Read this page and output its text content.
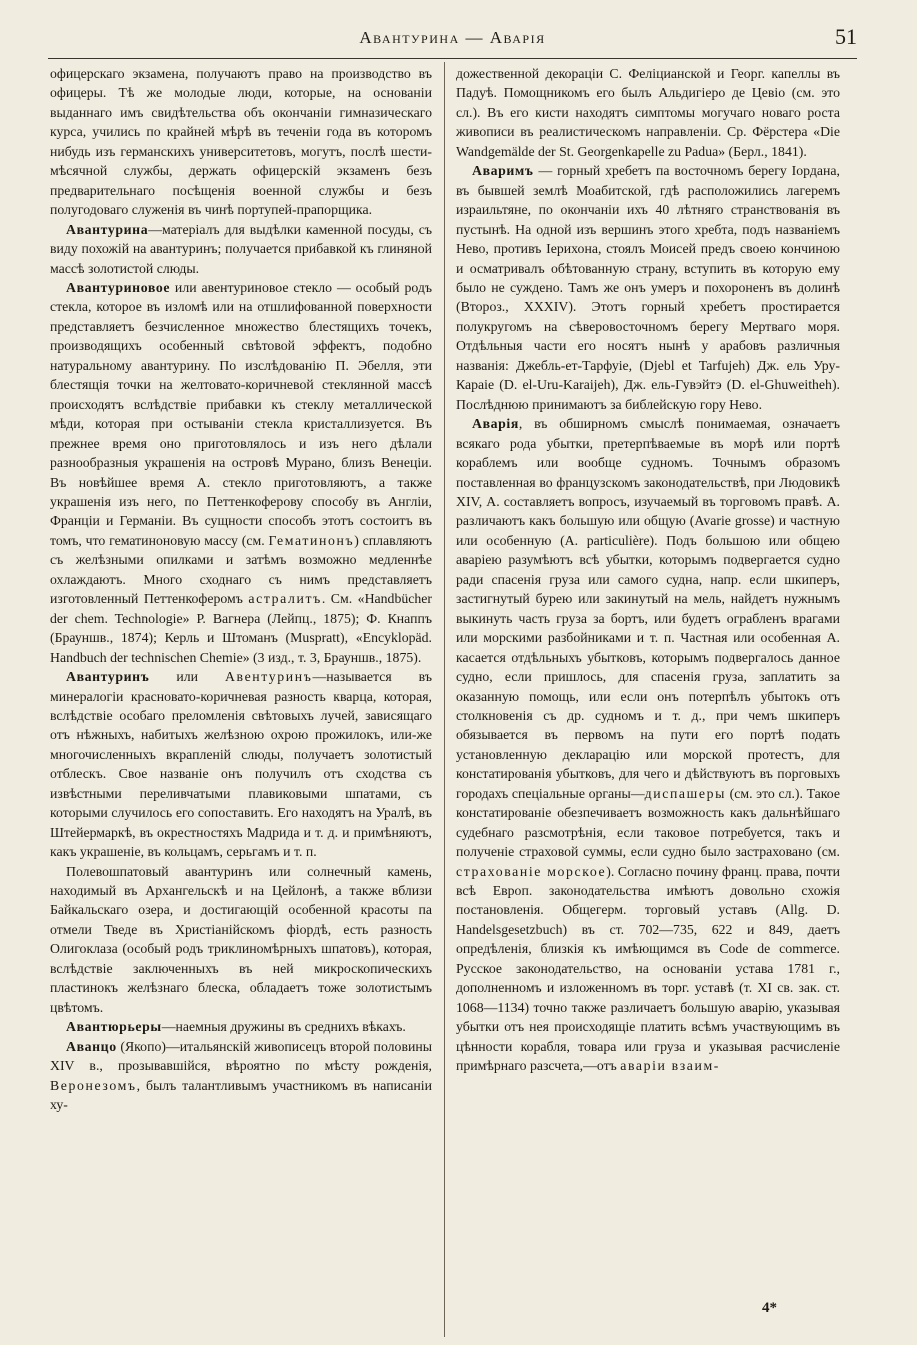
Авантурина — Аварія	51

офицерскаго экзамена, получаютъ право на производство въ офицеры. Тѣ же молодые люди, которые, на основаніи выданнаго имъ свидѣтельства объ окончаніи гимназическаго курса, учились по крайней мѣрѣ въ теченіи года въ которомъ нибудь изъ германскихъ университетовъ, могутъ, послѣ шести-мѣсячной службы, держать офицерскій экзаменъ безъ предварительнаго посѣщенія военной службы и безъ полугодоваго служенія въ чинѣ портупей-прапорщика.

Авантурина—матеріалъ для выдѣлки каменной посуды, съ виду похожій на авантуринъ; получается прибавкой къ глиняной массѣ золотистой слюды.

Авантуриновое или авентуриновое стекло — особый родъ стекла, которое въ изломѣ или на отшлифованной поверхности представляетъ безчисленное множество блестящихъ точекъ, производящихъ особенный свѣтовой эффектъ, подобно натуральному авантурину. По изслѣдованію П. Эбелля, эти блестящія точки на желтовато-коричневой стеклянной массѣ происходятъ вслѣдствіе прибавки къ стеклу металлической мѣди, которая при остываніи стекла кристаллизуется. Въ прежнее время оно приготовлялось и изъ него дѣлали разнообразныя украшенія на островѣ Мурано, близъ Венеціи. Въ новѣйшее время А. стекло приготовляютъ, а также украшенія изъ него, по Петтенкоферову способу въ Англіи, Франціи и Германіи. Въ сущности способъ этотъ состоитъ въ томъ, что гематиноновую массу (см. Гематинонъ) сплавляютъ съ желѣзными опилками и затѣмъ возможно медленнѣе охлаждаютъ. Много сходнаго съ нимъ представляетъ изготовленный Петтенкоферомъ астралитъ. См. «Handbücher der chem. Technologie» Р. Вагнера (Лейпц., 1875); Ф. Кнаппъ (Брауншв., 1874); Керль и Штоманъ (Muspratt), «Encyklopäd. Handbuch der technischen Chemie» (3 изд., т. 3, Брауншв., 1875).

Авантуринъ или Авентуринъ—называется въ минералогіи красновато-коричневая разность кварца, которая, вслѣдствіе особаго преломленія свѣтовыхъ лучей, зависящаго отъ нѣжныхъ, набитыхъ желѣзною охрою прожилокъ, или-же многочисленныхъ вкрапленій слюды, получаетъ золотистый отблескъ. Свое названіе онъ получилъ отъ сходства съ извѣстными переливчатыми плавиковыми шпатами, съ которыми случилось его сопоставить. Его находятъ на Уралѣ, въ Штейермаркѣ, въ окрестностяхъ Мадрида и т. д. и примѣняютъ, какъ украшеніе, въ кольцамъ, серьгамъ и т. п.

Полевошпатовый авантуринъ или солнечный камень, находимый въ Архангельскѣ и на Цейлонѣ, а также вблизи Байкальскаго озера, и достигающій особенной красоты па отмели Тведе въ Христіанійскомъ фіордѣ, есть разность Олигоклаза (особый родъ триклиномѣрныхъ шпатовъ), которая, вслѣдствіе заключенныхъ въ ней микроскопическихъ пластинокъ желѣзнаго блеска, обладаетъ тоже золотистымъ цвѣтомъ.

Авантюрьеры—наемныя дружины въ среднихъ вѣкахъ.

Аванцо (Якопо)—итальянскій живописецъ второй половины XIV в., прозывавшійся, вѣроятно по мѣсту рожденія, Веронезомъ, былъ талантливымъ участникомъ въ написаніи ху-

дожественной декораціи С. Феліцианской и Георг. капеллы въ Падуѣ. Помощникомъ его былъ Альдигіеро де Цевіо (см. это сл.). Въ его кисти находятъ симптомы могучаго новаго роста живописи въ реалистическомъ направленіи. Ср. Фёрстера «Die Wandgemälde der St. Georgenkapelle zu Padua» (Берл., 1841).

Аваримъ — горный хребетъ па восточномъ берегу Іордана, въ бывшей землѣ Моабитской, гдѣ расположились лагеремъ израильтяне, по окончаніи ихъ 40 лѣтняго странствованія въ пустынѣ. На одной изъ вершинъ этого хребта, подъ названіемъ Нево, противъ Іерихона, стоялъ Моисей предъ своею кончиною и осматривалъ обѣтованную страну, вступить въ которую ему было не суждено. Тамъ же онъ умеръ и похороненъ въ долинѣ (Второз., XXXIV). Этотъ горный хребетъ простирается полукругомъ на сѣверовосточномъ берегу Мертваго моря. Отдѣльныя части его носятъ нынѣ у арабовъ различныя названія: Джебль-ет-Тарфуіе, (Djebl et Tarfujeh) Дж. ель Уру-Караіе (D. el-Uru-Karaijeh), Дж. ель-Гувэйтэ (D. el-Ghuweitheh). Послѣднюю принимаютъ за библейскую гору Нево.

Аварія, въ обширномъ смыслѣ понимаемая, означаетъ всякаго рода убытки, претерпѣваемые въ морѣ или портѣ кораблемъ или вообще судномъ. Точнымъ образомъ поставленная во французскомъ законодательствѣ, при Людовикѣ XIV, А. составляетъ вопросъ, изучаемый въ торговомъ правѣ. А. различаютъ какъ большую или общую (Avarie grosse) и частную или особенную (A. particulière). Подъ большою или общею аваріею разумѣютъ всѣ убытки, которымъ подвергается судно ради спасенія груза или самого судна, напр. если шкиперъ, застигнутый бурею или закинутый на мель, найдетъ нужнымъ выкинуть часть груза за бортъ, или будетъ ограбленъ врагами или морскими разбойниками и т. п. Частная или особенная А. касается отдѣльныхъ убытковъ, которымъ подвергалось данное судно, если пришлось, для спасенія груза, заплатить за оказанную помощь, или если онъ потерпѣлъ убытокъ отъ столкновенія съ др. судномъ и т. д., при чемъ шкиперъ обязывается въ первомъ на пути его портѣ подать установленную декларацію или морской протестъ, для констатированія убытковъ, для чего и дѣйствуютъ въ порговыхъ городахъ спеціальные органы—диспашеры (см. это сл.). Такое констатированіе обезпечиваетъ возможность какъ дальнѣйшаго судебнаго разсмотрѣнія, если таковое потребуется, такъ и полученіе страховой суммы, если судно было застраховано (см. страхованіе морское). Согласно почину франц. права, почти всѣ Европ. законодательства имѣютъ довольно схожія постановленія. Общегерм. торговый уставъ (Allg. D. Handelsgesetzbuch) въ ст. 702—735, 622 и 849, даетъ опредѣленія, близкія къ имѣющимся въ Code de commerce. Русское законодательство, на основаніи устава 1781 г., дополненномъ и изложенномъ въ торг. уставѣ (т. XI св. зак. ст. 1068—1134) точно также различаетъ большую аварію, указывая убытки отъ нея происходящіе платить всѣмъ участвующимъ въ цѣнности корабля, товара или груза и указывая расчисленіе примѣрнаго разсчета,—отъ аваріи взаим-

4*
